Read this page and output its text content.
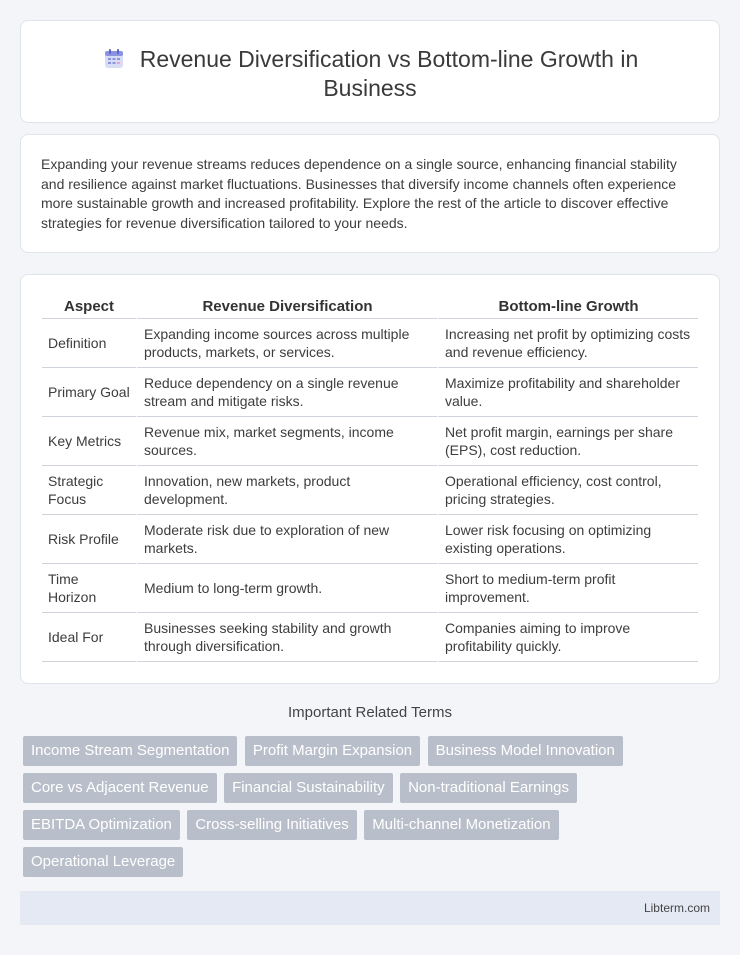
Revenue Diversification vs Bottom-line Growth in Business

Expanding your revenue streams reduces dependence on a single source, enhancing financial stability and resilience against market fluctuations. Businesses that diversify income channels often experience more sustainable growth and increased profitability. Explore the rest of the article to discover effective strategies for revenue diversification tailored to your needs.

Aspect	Revenue Diversification	Bottom-line Growth
Definition	Expanding income sources across multiple products, markets, or services.	Increasing net profit by optimizing costs and revenue efficiency.
Primary Goal	Reduce dependency on a single revenue stream and mitigate risks.	Maximize profitability and shareholder value.
Key Metrics	Revenue mix, market segments, income sources.	Net profit margin, earnings per share (EPS), cost reduction.
Strategic Focus	Innovation, new markets, product development.	Operational efficiency, cost control, pricing strategies.
Risk Profile	Moderate risk due to exploration of new markets.	Lower risk focusing on optimizing existing operations.
Time Horizon	Medium to long-term growth.	Short to medium-term profit improvement.
Ideal For	Businesses seeking stability and growth through diversification.	Companies aiming to improve profitability quickly.
Important Related Terms
Income Stream Segmentation Profit Margin Expansion Business Model Innovation Core vs Adjacent Revenue Financial Sustainability Non-traditional Earnings EBITDA Optimization Cross-selling Initiatives Multi-channel Monetization Operational Leverage
Libterm.com
